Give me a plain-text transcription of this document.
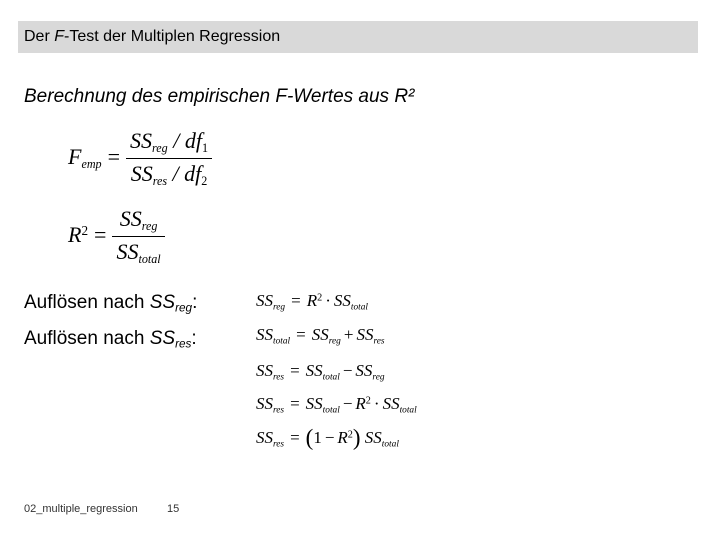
Der F-Test der Multiplen Regression
Berechnung des empirischen F-Wertes aus R²
$F_{emp} = \frac{SS_{reg} / df_1}{SS_{res} / df_2}$
$R^2 = \frac{SS_{reg}}{SS_{total}}$
Auflösen nach $SS_{reg}$:
Auflösen nach $SS_{res}$:
$SS_{reg} = R^2 \cdot SS_{total}$
$SS_{total} = SS_{reg} + SS_{res}$
$SS_{res} = SS_{total} - SS_{reg}$
$SS_{res} = SS_{total} - R^2 \cdot SS_{total}$
$SS_{res} = (1 - R^2)$ $SS_{total}$
02_multiple_regression	15
